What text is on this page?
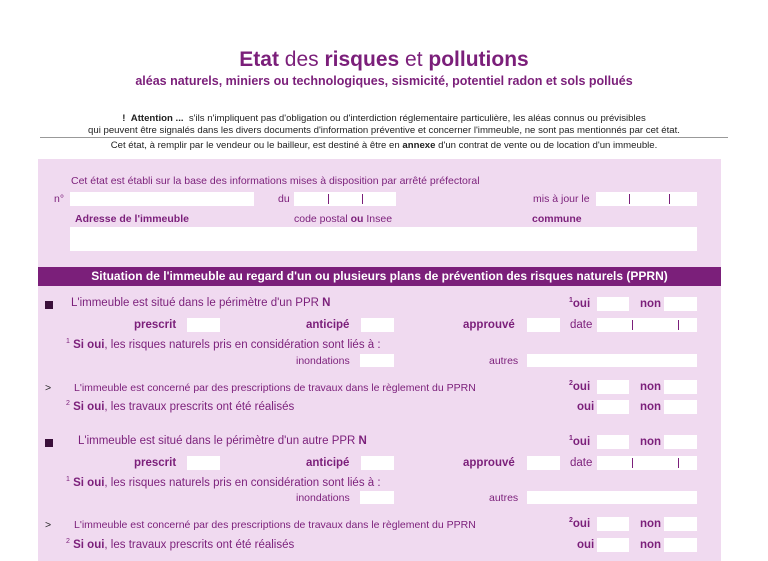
Etat des risques et pollutions
aléas naturels, miniers ou technologiques, sismicité, potentiel radon et sols pollués
! Attention ... s'ils n'impliquent pas d'obligation ou d'interdiction réglementaire particulière, les aléas connus ou prévisibles
qui peuvent être signalés dans les divers documents d'information préventive et concerner l'immeuble, ne sont pas mentionnés par cet état.
Cet état, à remplir par le vendeur ou le bailleur, est destiné à être en annexe d'un contrat de vente ou de location d'un immeuble.
Cet état est établi sur la base des informations mises à disposition par arrêté préfectoral
n°	du	mis à jour le
Adresse de l'immeuble	code postal ou Insee	commune
Situation de l'immeuble au regard d'un ou plusieurs plans de prévention des risques naturels (PPRN)
L'immeuble est situé dans le périmètre d'un PPR N	$^1$oui	non
prescrit	anticipé	approuvé	date
$^1$ Si oui, les risques naturels pris en considération sont liés à :
inondations	autres
> L'immeuble est concerné par des prescriptions de travaux dans le règlement du PPRN	$^2$oui	non
$^2$ Si oui, les travaux prescrits ont été réalisés	oui	non
L'immeuble est situé dans le périmètre d'un autre PPR N	$^1$oui	non
prescrit	anticipé	approuvé	date
$^1$ Si oui, les risques naturels pris en considération sont liés à :
inondations	autres
> L'immeuble est concerné par des prescriptions de travaux dans le règlement du PPRN	$^2$oui	non
$^2$ Si oui, les travaux prescrits ont été réalisés	oui	non
